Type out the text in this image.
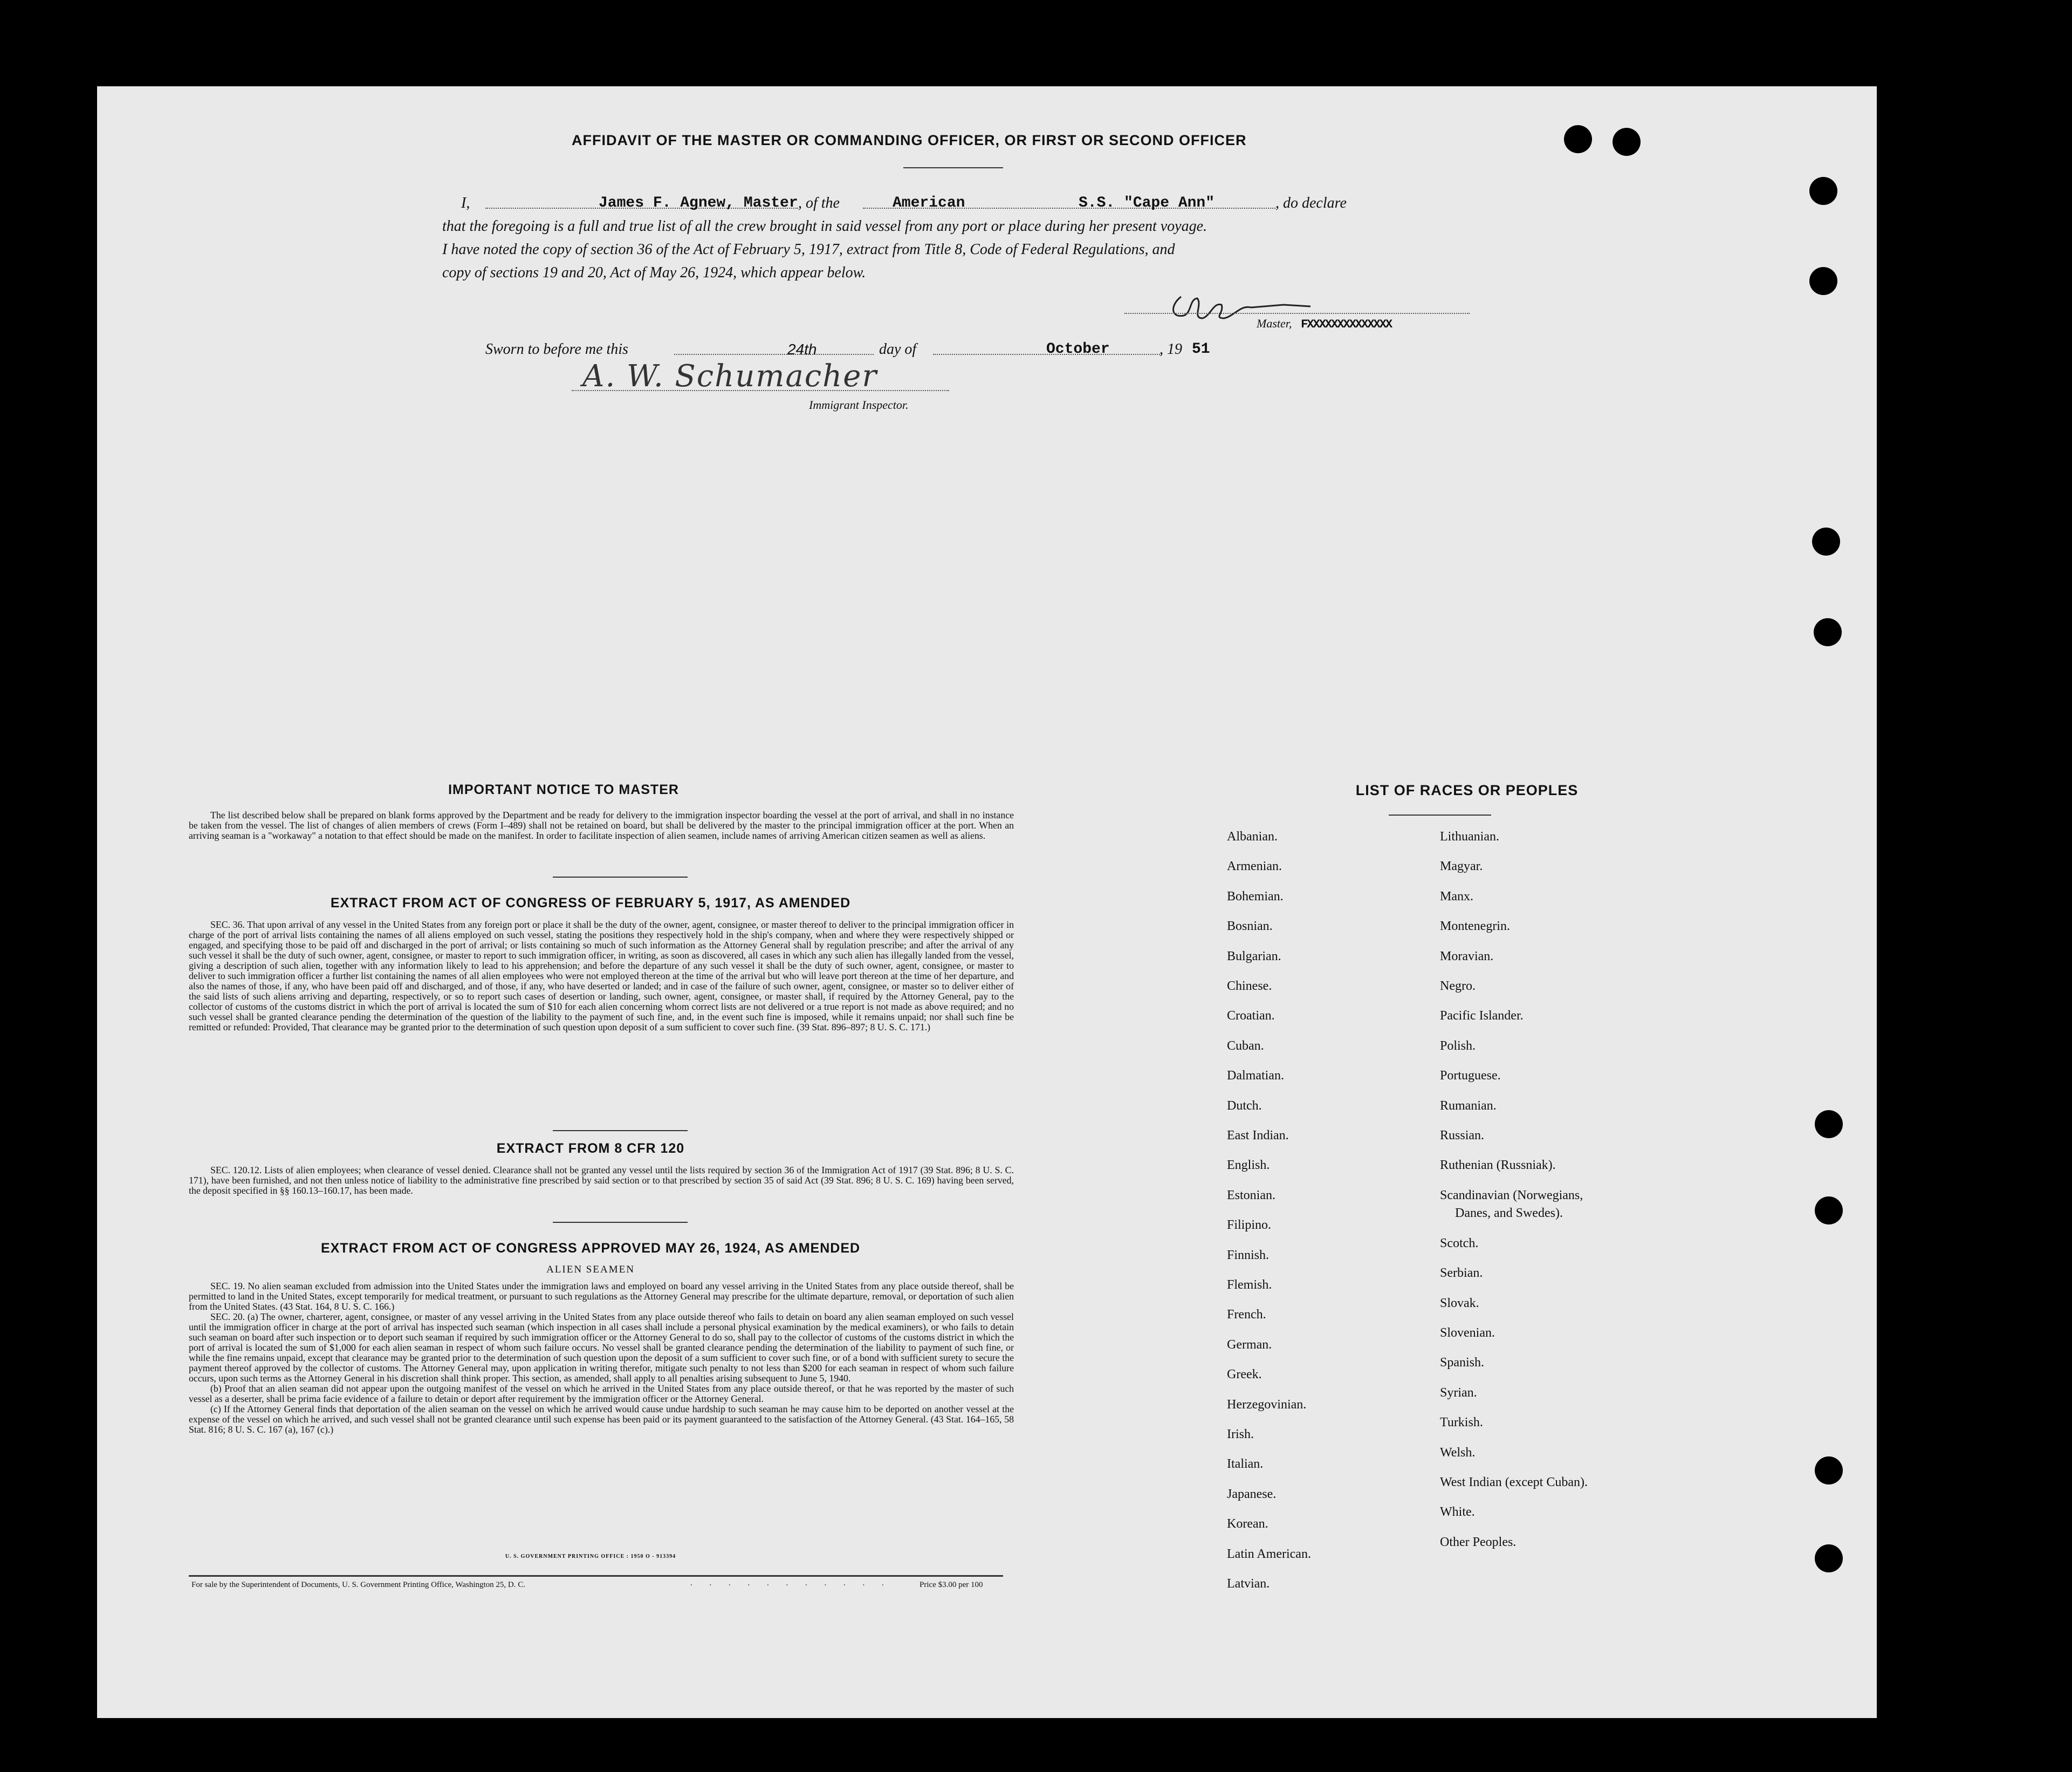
AFFIDAVIT OF THE MASTER OR COMMANDING OFFICER, OR FIRST OR SECOND OFFICER
I,	James F. Agnew, Master , of the	American	S.S. "Cape Ann"	, do declare
that the foregoing is a full and true list of all the crew brought in said vessel from any port or place during her present voyage.
I have noted the copy of section 36 of the Act of February 5, 1917, extract from Title 8, Code of Federal Regulations, and
copy of sections 19 and 20, Act of May 26, 1924, which appear below.
Master,  FXXXXXXXXXXXXXX
Sworn to before me this	24th	day of	October	, 19 51
A. W. Schumacher
Immigrant Inspector.
IMPORTANT NOTICE TO MASTER

The list described below shall be prepared on blank forms approved by the Department and be ready for delivery to the immigration inspector boarding the vessel at the port of arrival, and shall in no instance be taken from the vessel. The list of changes of alien members of crews (Form I–489) shall not be retained on board, but shall be delivered by the master to the principal immigration officer at the port. When an arriving seaman is a "workaway" a notation to that effect should be made on the manifest. In order to facilitate inspection of alien seamen, include names of arriving American citizen seamen as well as aliens.

EXTRACT FROM ACT OF CONGRESS OF FEBRUARY 5, 1917, AS AMENDED

SEC. 36. That upon arrival of any vessel in the United States from any foreign port or place it shall be the duty of the owner, agent, consignee, or master thereof to deliver to the principal immigration officer in charge of the port of arrival lists containing the names of all aliens employed on such vessel, stating the positions they respectively hold in the ship's company, when and where they were respectively shipped or engaged, and specifying those to be paid off and discharged in the port of arrival; or lists containing so much of such information as the Attorney General shall by regulation prescribe; and after the arrival of any such vessel it shall be the duty of such owner, agent, consignee, or master to report to such immigration officer, in writing, as soon as discovered, all cases in which any such alien has illegally landed from the vessel, giving a description of such alien, together with any information likely to lead to his apprehension; and before the departure of any such vessel it shall be the duty of such owner, agent, consignee, or master to deliver to such immigration officer a further list containing the names of all alien employees who were not employed thereon at the time of the arrival but who will leave port thereon at the time of her departure, and also the names of those, if any, who have been paid off and discharged, and of those, if any, who have deserted or landed; and in case of the failure of such owner, agent, consignee, or master so to deliver either of the said lists of such aliens arriving and departing, respectively, or so to report such cases of desertion or landing, such owner, agent, consignee, or master shall, if required by the Attorney General, pay to the collector of customs of the customs district in which the port of arrival is located the sum of $10 for each alien concerning whom correct lists are not delivered or a true report is not made as above required; and no such vessel shall be granted clearance pending the determination of the question of the liability to the payment of such fine, and, in the event such fine is imposed, while it remains unpaid; nor shall such fine be remitted or refunded: Provided, That clearance may be granted prior to the determination of such question upon deposit of a sum sufficient to cover such fine. (39 Stat. 896–897; 8 U. S. C. 171.)

EXTRACT FROM 8 CFR 120

SEC. 120.12. Lists of alien employees; when clearance of vessel denied. Clearance shall not be granted any vessel until the lists required by section 36 of the Immigration Act of 1917 (39 Stat. 896; 8 U. S. C. 171), have been furnished, and not then unless notice of liability to the administrative fine prescribed by said section or to that prescribed by section 35 of said Act (39 Stat. 896; 8 U. S. C. 169) having been served, the deposit specified in §§ 160.13–160.17, has been made.

EXTRACT FROM ACT OF CONGRESS APPROVED MAY 26, 1924, AS AMENDED
ALIEN SEAMEN

SEC. 19. No alien seaman excluded from admission into the United States under the immigration laws and employed on board any vessel arriving in the United States from any place outside thereof, shall be permitted to land in the United States, except temporarily for medical treatment, or pursuant to such regulations as the Attorney General may prescribe for the ultimate departure, removal, or deportation of such alien from the United States. (43 Stat. 164, 8 U. S. C. 166.)

SEC. 20. (a) The owner, charterer, agent, consignee, or master of any vessel arriving in the United States from any place outside thereof who fails to detain on board any alien seaman employed on such vessel until the immigration officer in charge at the port of arrival has inspected such seaman (which inspection in all cases shall include a personal physical examination by the medical examiners), or who fails to detain such seaman on board after such inspection or to deport such seaman if required by such immigration officer or the Attorney General to do so, shall pay to the collector of customs of the customs district in which the port of arrival is located the sum of $1,000 for each alien seaman in respect of whom such failure occurs. No vessel shall be granted clearance pending the determination of the liability to payment of such fine, or while the fine remains unpaid, except that clearance may be granted prior to the determination of such question upon the deposit of a sum sufficient to cover such fine, or of a bond with sufficient surety to secure the payment thereof approved by the collector of customs. The Attorney General may, upon application in writing therefor, mitigate such penalty to not less than $200 for each seaman in respect of whom such failure occurs, upon such terms as the Attorney General in his discretion shall think proper. This section, as amended, shall apply to all penalties arising subsequent to June 5, 1940.

(b) Proof that an alien seaman did not appear upon the outgoing manifest of the vessel on which he arrived in the United States from any place outside thereof, or that he was reported by the master of such vessel as a deserter, shall be prima facie evidence of a failure to detain or deport after requirement by the immigration officer or the Attorney General.

(c) If the Attorney General finds that deportation of the alien seaman on the vessel on which he arrived would cause undue hardship to such seaman he may cause him to be deported on another vessel at the expense of the vessel on which he arrived, and such vessel shall not be granted clearance until such expense has been paid or its payment guaranteed to the satisfaction of the Attorney General. (43 Stat. 164–165, 58 Stat. 816; 8 U. S. C. 167 (a), 167 (c).)

U. S. GOVERNMENT PRINTING OFFICE : 1950 O - 913394
For sale by the Superintendent of Documents, U. S. Government Printing Office, Washington 25, D. C.	. . . . . . . . . . .	Price $3.00 per 100
LIST OF RACES OR PEOPLES
Albanian.
Armenian.
Bohemian.
Bosnian.
Bulgarian.
Chinese.
Croatian.
Cuban.
Dalmatian.
Dutch.
East Indian.
English.
Estonian.
Filipino.
Finnish.
Flemish.
French.
German.
Greek.
Herzegovinian.
Irish.
Italian.
Japanese.
Korean.
Latin American.
Latvian.
Lithuanian.
Magyar.
Manx.
Montenegrin.
Moravian.
Negro.
Pacific Islander.
Polish.
Portuguese.
Rumanian.
Russian.
Ruthenian (Russniak).
Scandinavian (Norwegians,
Danes, and Swedes).
Scotch.
Serbian.
Slovak.
Slovenian.
Spanish.
Syrian.
Turkish.
Welsh.
West Indian (except Cuban).
White.
Other Peoples.
